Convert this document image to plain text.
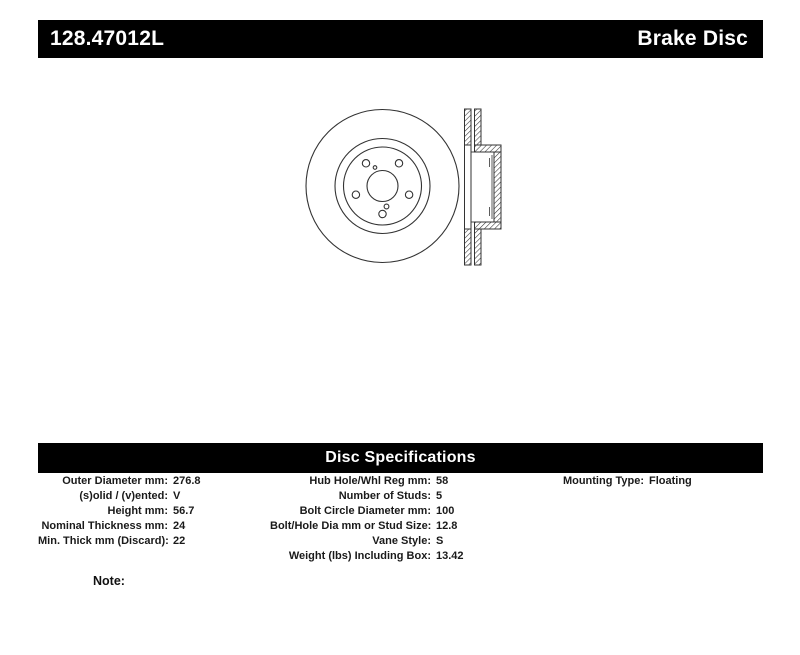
128.47012L	Brake Disc
Disc Specifications
Outer Diameter mm: 276.8
(s)olid / (v)ented: V
Height mm: 56.7
Nominal Thickness mm: 24
Min. Thick mm (Discard): 22
Hub Hole/Whl Reg mm: 58
Number of Studs: 5
Bolt Circle Diameter mm: 100
Bolt/Hole Dia mm or Stud Size: 12.8
Vane Style: S
Weight (lbs) Including Box: 13.42
Mounting Type: Floating
Note:
